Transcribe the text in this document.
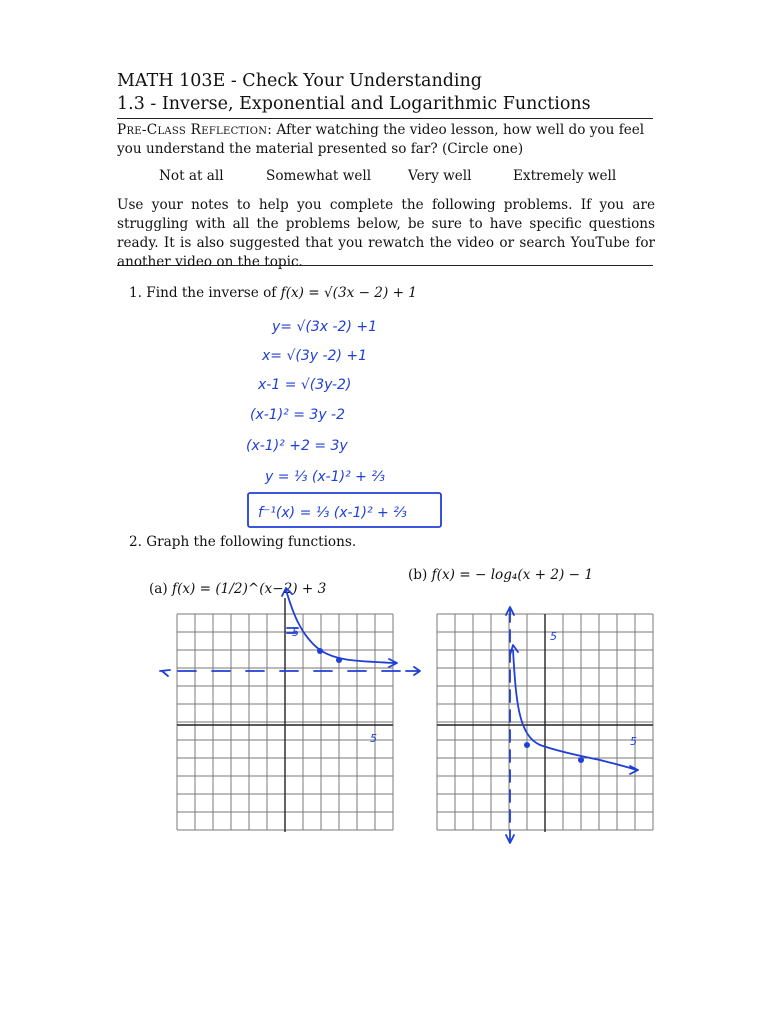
MATH 103E - Check Your Understanding
1.3 - Inverse, Exponential and Logarithmic Functions
Pre-Class Reflection: After watching the video lesson, how well do you feel you understand the material presented so far? (Circle one)
Not at all	Somewhat well	Very well	Extremely well
Use your notes to help you complete the following problems. If you are struggling with all the problems below, be sure to have specific questions ready. It is also suggested that you rewatch the video or search YouTube for another video on the topic.
1. Find the inverse of f(x) = √(3x − 2) + 1
2. Graph the following functions.
(a) f(x) = (1/2)^(x−2) + 3
(b) f(x) = − log₄(x + 2) − 1
y= √(3x -2) +1
x= √(3y -2) +1
x-1 = √(3y-2)
(x-1)² = 3y -2
(x-1)² +2 = 3y
y = ⅓ (x-1)² + ⅔
f⁻¹(x) = ⅓ (x-1)² + ⅔
5
5
5
5
